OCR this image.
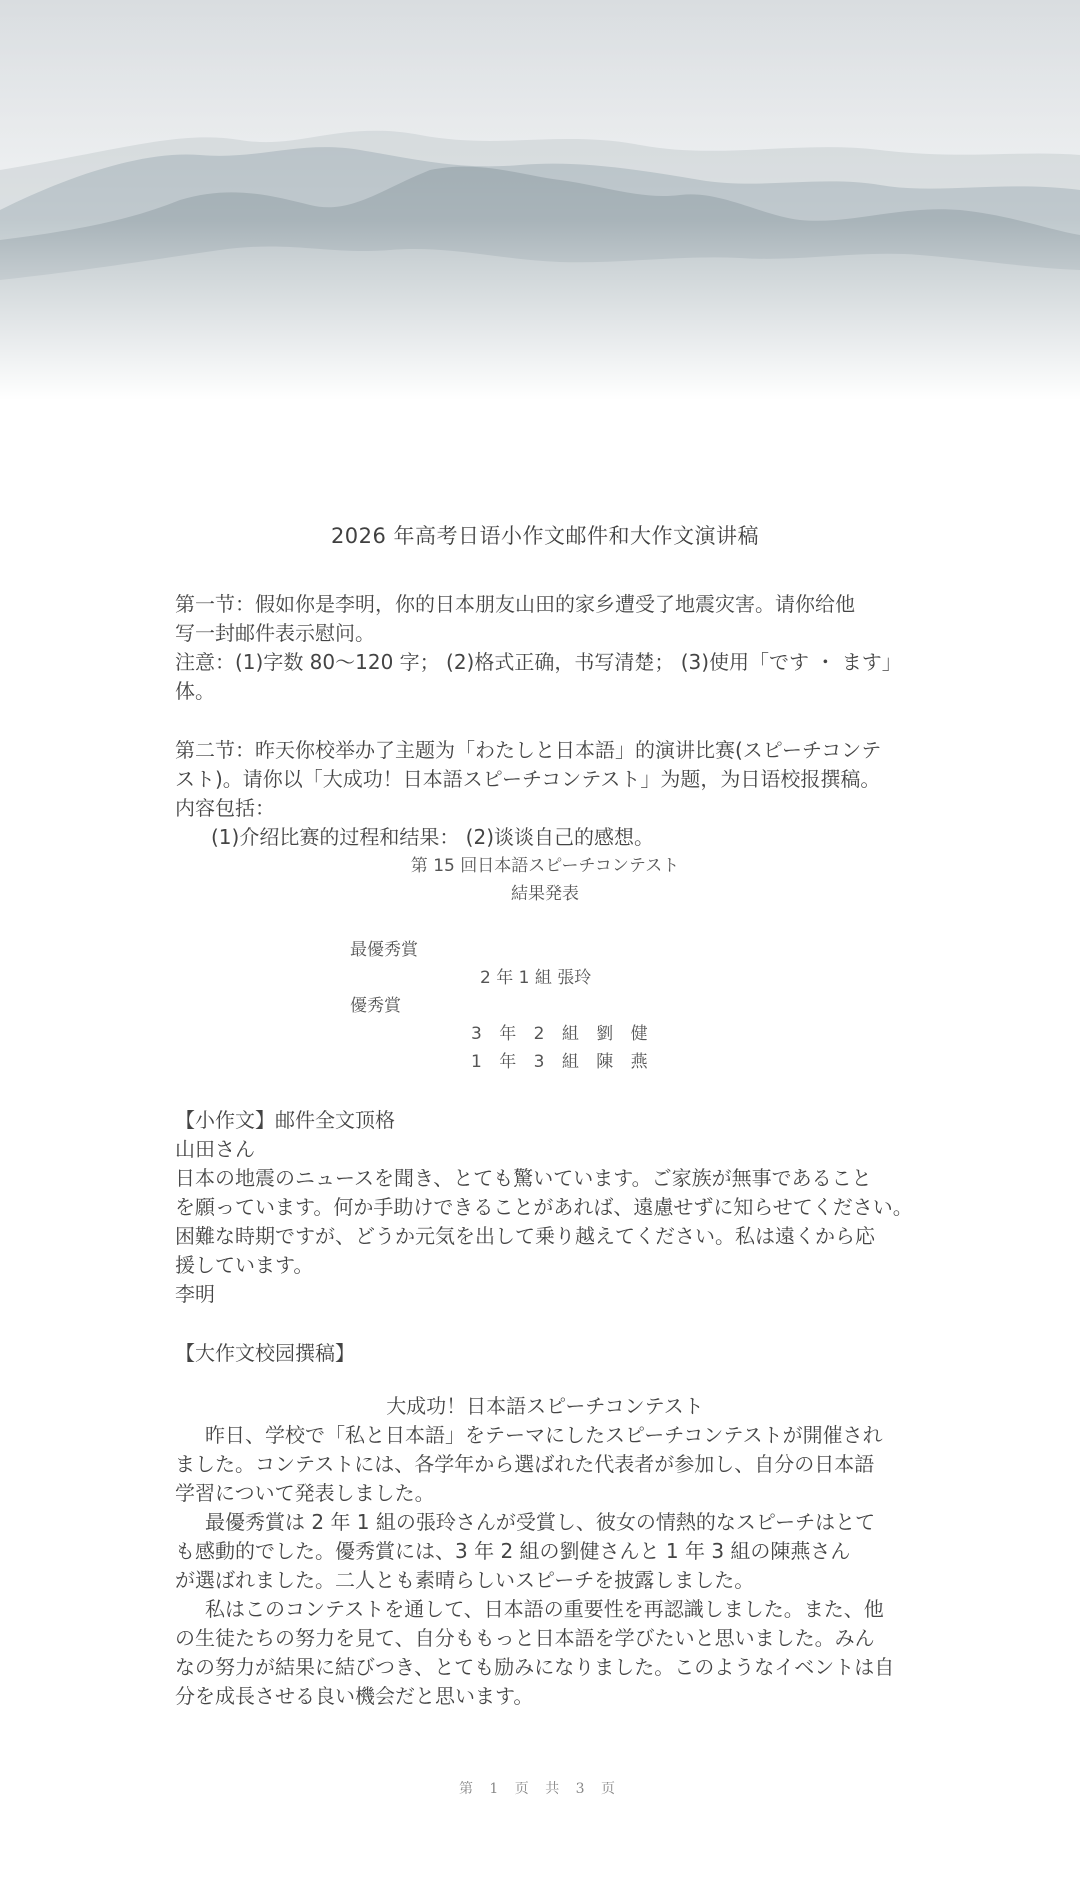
2026 年高考日语小作文邮件和大作文演讲稿
第一节：假如你是李明，你的日本朋友山田的家乡遭受了地震灾害。请你给他
写一封邮件表示慰问。
注意：(1)字数 80～120 字； (2)格式正确，书写清楚； (3)使用「です ・ ます」
体。
第二节：昨天你校举办了主题为「わたしと日本語」的演讲比赛(スピーチコンテ
スト)。请你以「大成功！日本語スピーチコンテスト」为题，为日语校报撰稿。
内容包括：
(1)介绍比赛的过程和结果： (2)谈谈自己的感想。
第 15 回日本語スピーチコンテスト
結果発表
最優秀賞
2 年 1 組 張玲
優秀賞
3 年 2 組 劉 健
1 年 3 組 陳 燕
【小作文】邮件全文顶格
山田さん
日本の地震のニュースを聞き、とても驚いています。ご家族が無事であること
を願っています。何か手助けできることがあれば、遠慮せずに知らせてください。
困難な時期ですが、どうか元気を出して乗り越えてください。私は遠くから応
援しています。
李明
【大作文校园撰稿】
大成功！日本語スピーチコンテスト
昨日、学校で「私と日本語」をテーマにしたスピーチコンテストが開催され
ました。コンテストには、各学年から選ばれた代表者が参加し、自分の日本語
学習について発表しました。
最優秀賞は 2 年 1 組の張玲さんが受賞し、彼女の情熱的なスピーチはとて
も感動的でした。優秀賞には、3 年 2 組の劉健さんと 1 年 3 組の陳燕さん
が選ばれました。二人とも素晴らしいスピーチを披露しました。
私はこのコンテストを通して、日本語の重要性を再認識しました。また、他
の生徒たちの努力を見て、自分ももっと日本語を学びたいと思いました。みん
なの努力が結果に結びつき、とても励みになりました。このようなイベントは自
分を成長させる良い機会だと思います。
第 1 页 共 3 页
